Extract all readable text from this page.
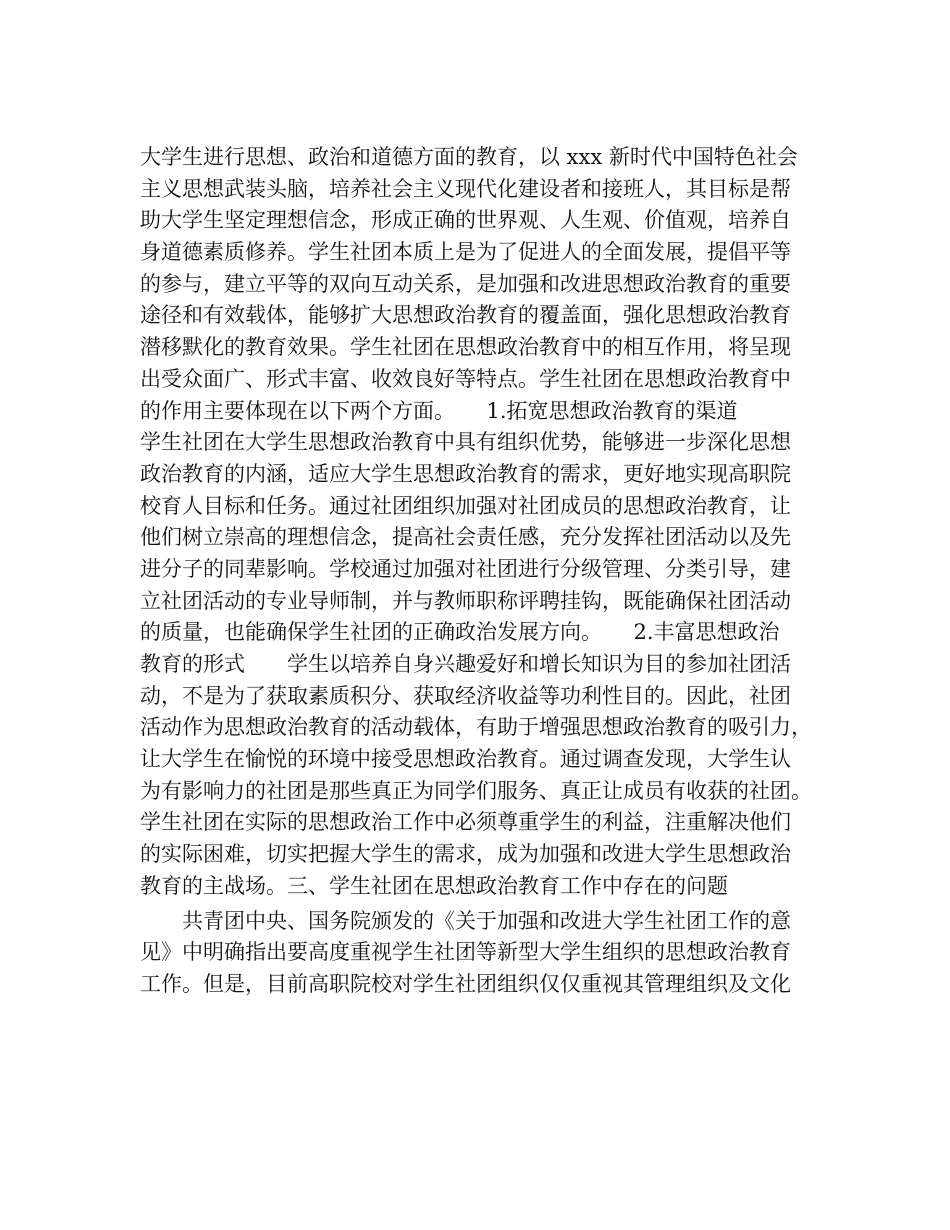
大学生进行思想、政治和道德方面的教育，以 xxx 新时代中国特色社会
主义思想武装头脑，培养社会主义现代化建设者和接班人，其目标是帮
助大学生坚定理想信念，形成正确的世界观、人生观、价值观，培养自
身道德素质修养。学生社团本质上是为了促进人的全面发展，提倡平等
的参与，建立平等的双向互动关系，是加强和改进思想政治教育的重要
途径和有效载体，能够扩大思想政治教育的覆盖面，强化思想政治教育
潜移默化的教育效果。学生社团在思想政治教育中的相互作用，将呈现
出受众面广、形式丰富、收效良好等特点。学生社团在思想政治教育中
的作用主要体现在以下两个方面。　　1.拓宽思想政治教育的渠道
学生社团在大学生思想政治教育中具有组织优势，能够进一步深化思想
政治教育的内涵，适应大学生思想政治教育的需求，更好地实现高职院
校育人目标和任务。通过社团组织加强对社团成员的思想政治教育，让
他们树立崇高的理想信念，提高社会责任感，充分发挥社团活动以及先
进分子的同辈影响。学校通过加强对社团进行分级管理、分类引导，建
立社团活动的专业导师制，并与教师职称评聘挂钩，既能确保社团活动
的质量，也能确保学生社团的正确政治发展方向。　　2.丰富思想政治
教育的形式　　学生以培养自身兴趣爱好和增长知识为目的参加社团活
动，不是为了获取素质积分、获取经济收益等功利性目的。因此，社团
活动作为思想政治教育的活动载体，有助于增强思想政治教育的吸引力，
让大学生在愉悦的环境中接受思想政治教育。通过调查发现，大学生认
为有影响力的社团是那些真正为同学们服务、真正让成员有收获的社团。
学生社团在实际的思想政治工作中必须尊重学生的利益，注重解决他们
的实际困难，切实把握大学生的需求，成为加强和改进大学生思想政治
教育的主战场。三、学生社团在思想政治教育工作中存在的问题
　　共青团中央、国务院颁发的《关于加强和改进大学生社团工作的意
见》中明确指出要高度重视学生社团等新型大学生组织的思想政治教育
工作。但是，目前高职院校对学生社团组织仅仅重视其管理组织及文化
